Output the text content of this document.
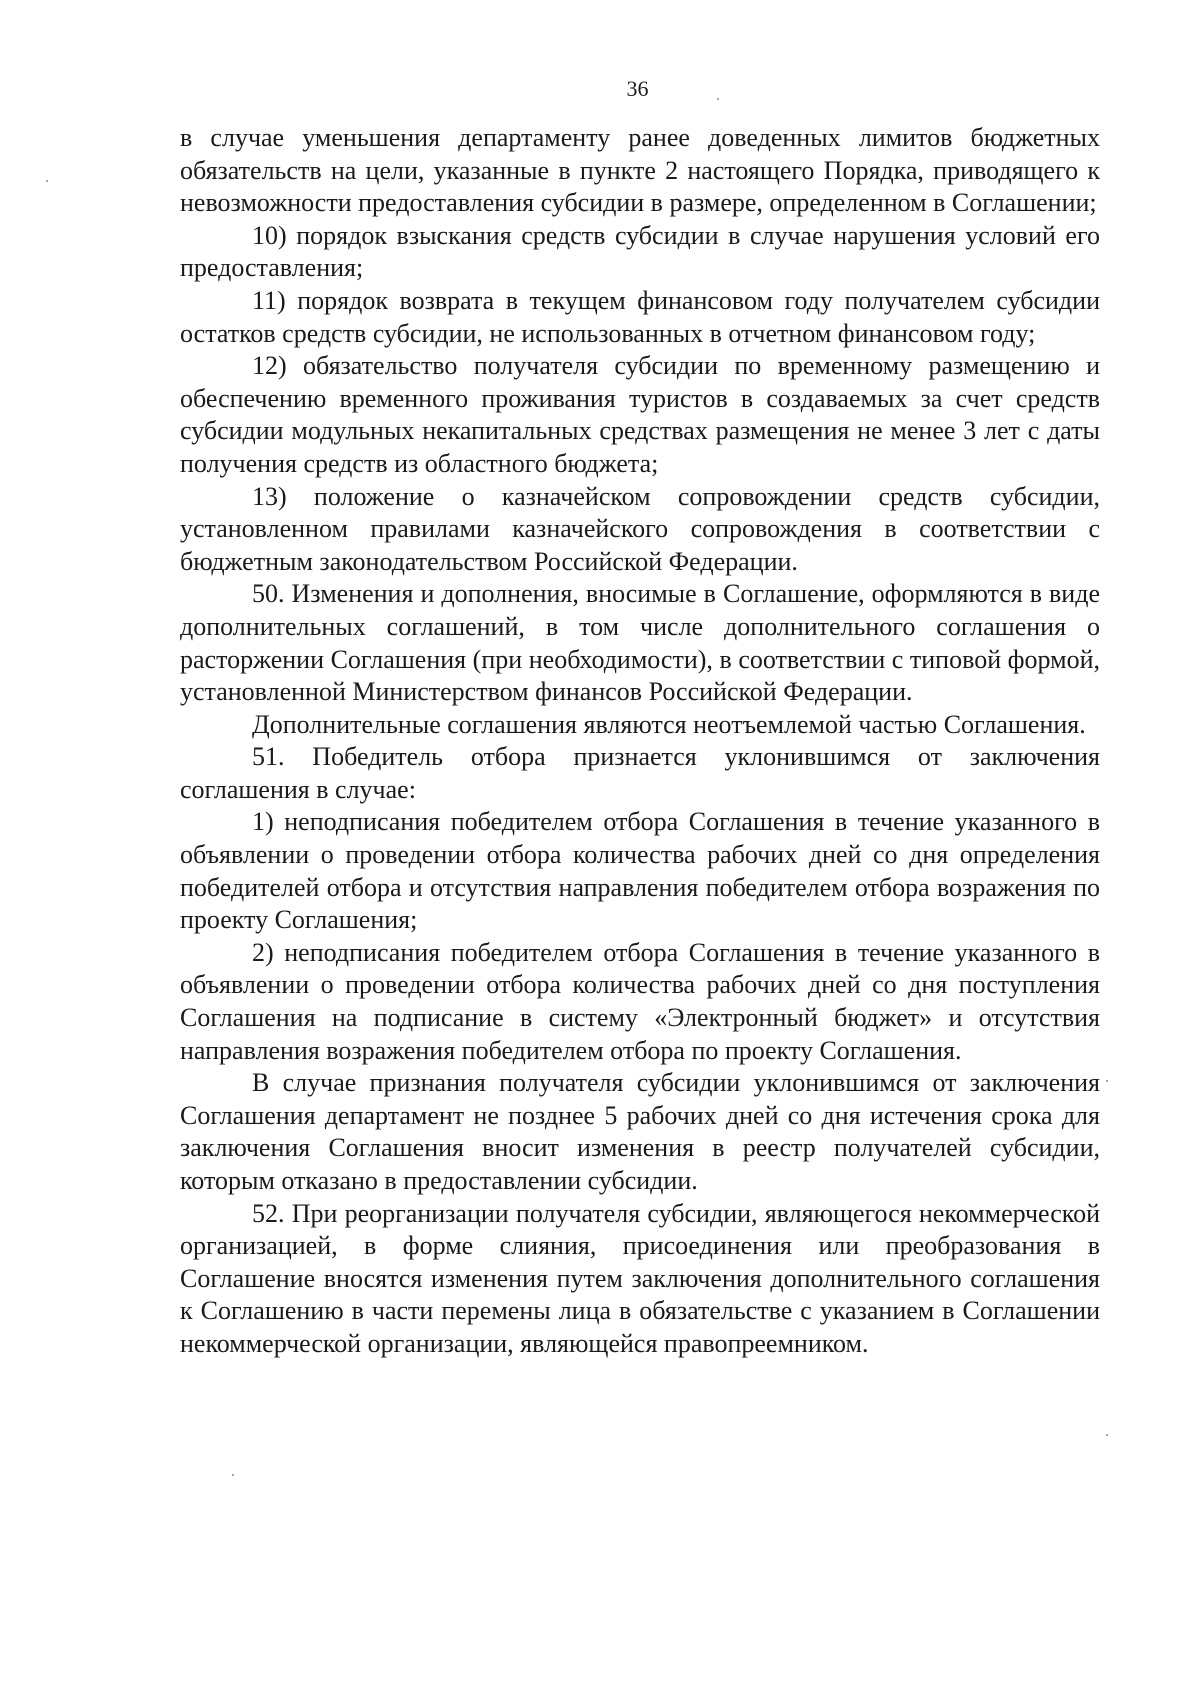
36

в случае уменьшения департаменту ранее доведенных лимитов бюджетных обязательств на цели, указанные в пункте 2 настоящего Порядка, приводящего к невозможности предоставления субсидии в размере, определенном в Соглашении;

10) порядок взыскания средств субсидии в случае нарушения условий его предоставления;

11) порядок возврата в текущем финансовом году получателем субсидии остатков средств субсидии, не использованных в отчетном финансовом году;

12) обязательство получателя субсидии по временному размещению и обеспечению временного проживания туристов в создаваемых за счет средств субсидии модульных некапитальных средствах размещения не менее 3 лет с даты получения средств из областного бюджета;

13) положение о казначейском сопровождении средств субсидии, установленном правилами казначейского сопровождения в соответствии с бюджетным законодательством Российской Федерации.

50. Изменения и дополнения, вносимые в Соглашение, оформляются в виде дополнительных соглашений, в том числе дополнительного соглашения о расторжении Соглашения (при необходимости), в соответствии с типовой формой, установленной Министерством финансов Российской Федерации.

Дополнительные соглашения являются неотъемлемой частью Соглашения.

51. Победитель отбора признается уклонившимся от заключения соглашения в случае:

1) неподписания победителем отбора Соглашения в течение указанного в объявлении о проведении отбора количества рабочих дней со дня определения победителей отбора и отсутствия направления победителем отбора возражения по проекту Соглашения;

2) неподписания победителем отбора Соглашения в течение указанного в объявлении о проведении отбора количества рабочих дней со дня поступления Соглашения на подписание в систему «Электронный бюджет» и отсутствия направления возражения победителем отбора по проекту Соглашения.

В случае признания получателя субсидии уклонившимся от заключения Соглашения департамент не позднее 5 рабочих дней со дня истечения срока для заключения Соглашения вносит изменения в реестр получателей субсидии, которым отказано в предоставлении субсидии.

52. При реорганизации получателя субсидии, являющегося некоммерческой организацией, в форме слияния, присоединения или преобразования в Соглашение вносятся изменения путем заключения дополнительного соглашения к Соглашению в части перемены лица в обязательстве с указанием в Соглашении некоммерческой организации, являющейся правопреемником.
